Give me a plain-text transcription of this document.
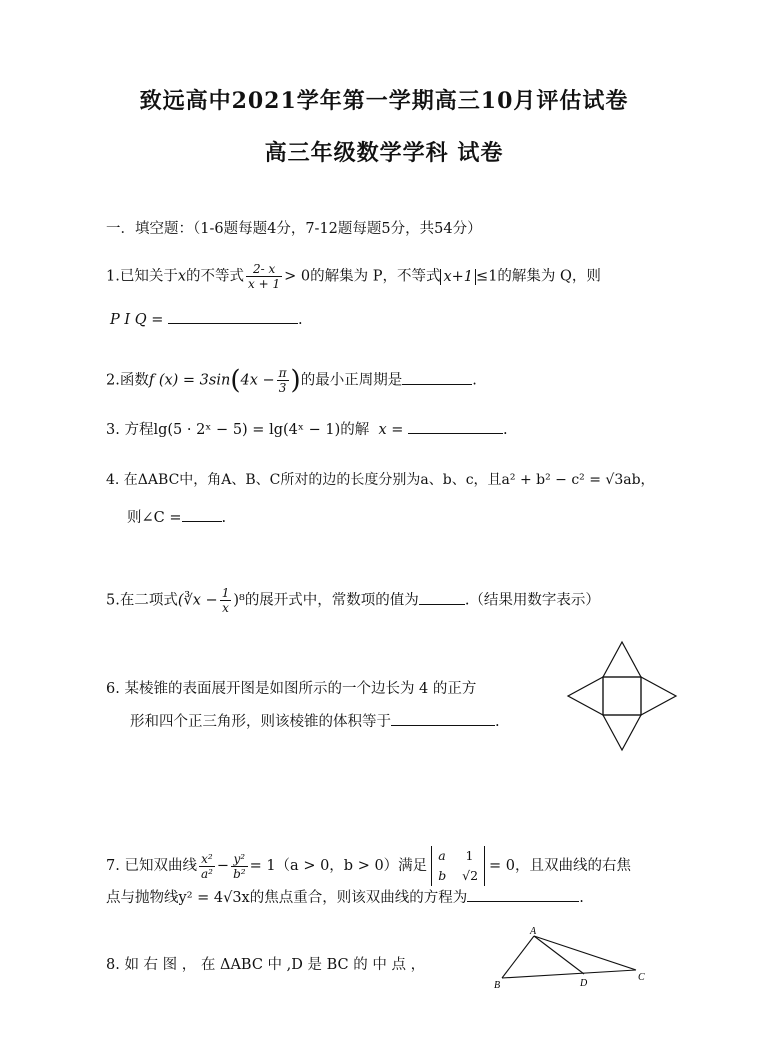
致远高中2021学年第一学期高三10月评估试卷
高三年级数学学科 试卷
一．填空题：（1-6题每题4分，7-12题每题5分，共54分）
1.已知关于x的不等式 $\frac{2- x}{x + 1} > 0$的解集为 P，不等式 x+1 ≤1的解集为 Q，则
P I Q =	.
2.函数f $(x) = 3\sin(4x - \frac{\pi}{3}$ )的最小正周期是	.
3. 方程lg(5 · 2ˣ − 5) = lg(4ˣ − 1)的解 x =	.
4. 在ΔABC中，角A、B、C所对的边的长度分别为a、b、c，且a² + b² − c² = √3ab，
则∠C =	.
5.在二项式(∛x − $\frac{1}{x} )^8$的展开式中，常数项的值为	.（结果用数字表示）
6. 某棱锥的表面展开图是如图所示的一个边长为 4 的正方
形和四个正三角形，则该棱锥的体积等于	.
7. 已知双曲线 $\frac{\text{x²}}{\text{a²}} - \frac{\text{y²}}{\text{b²}} = 1(a > 0$，b > 0）满足
a 1
b √2
= 0，且双曲线的右焦
点与抛物线y² = 4√3x的焦点重合，则该双曲线的方程为	.
8. 如 右 图 ， 在 ΔABC 中 ,D 是 BC 的 中 点 ，
A
B
C
D
